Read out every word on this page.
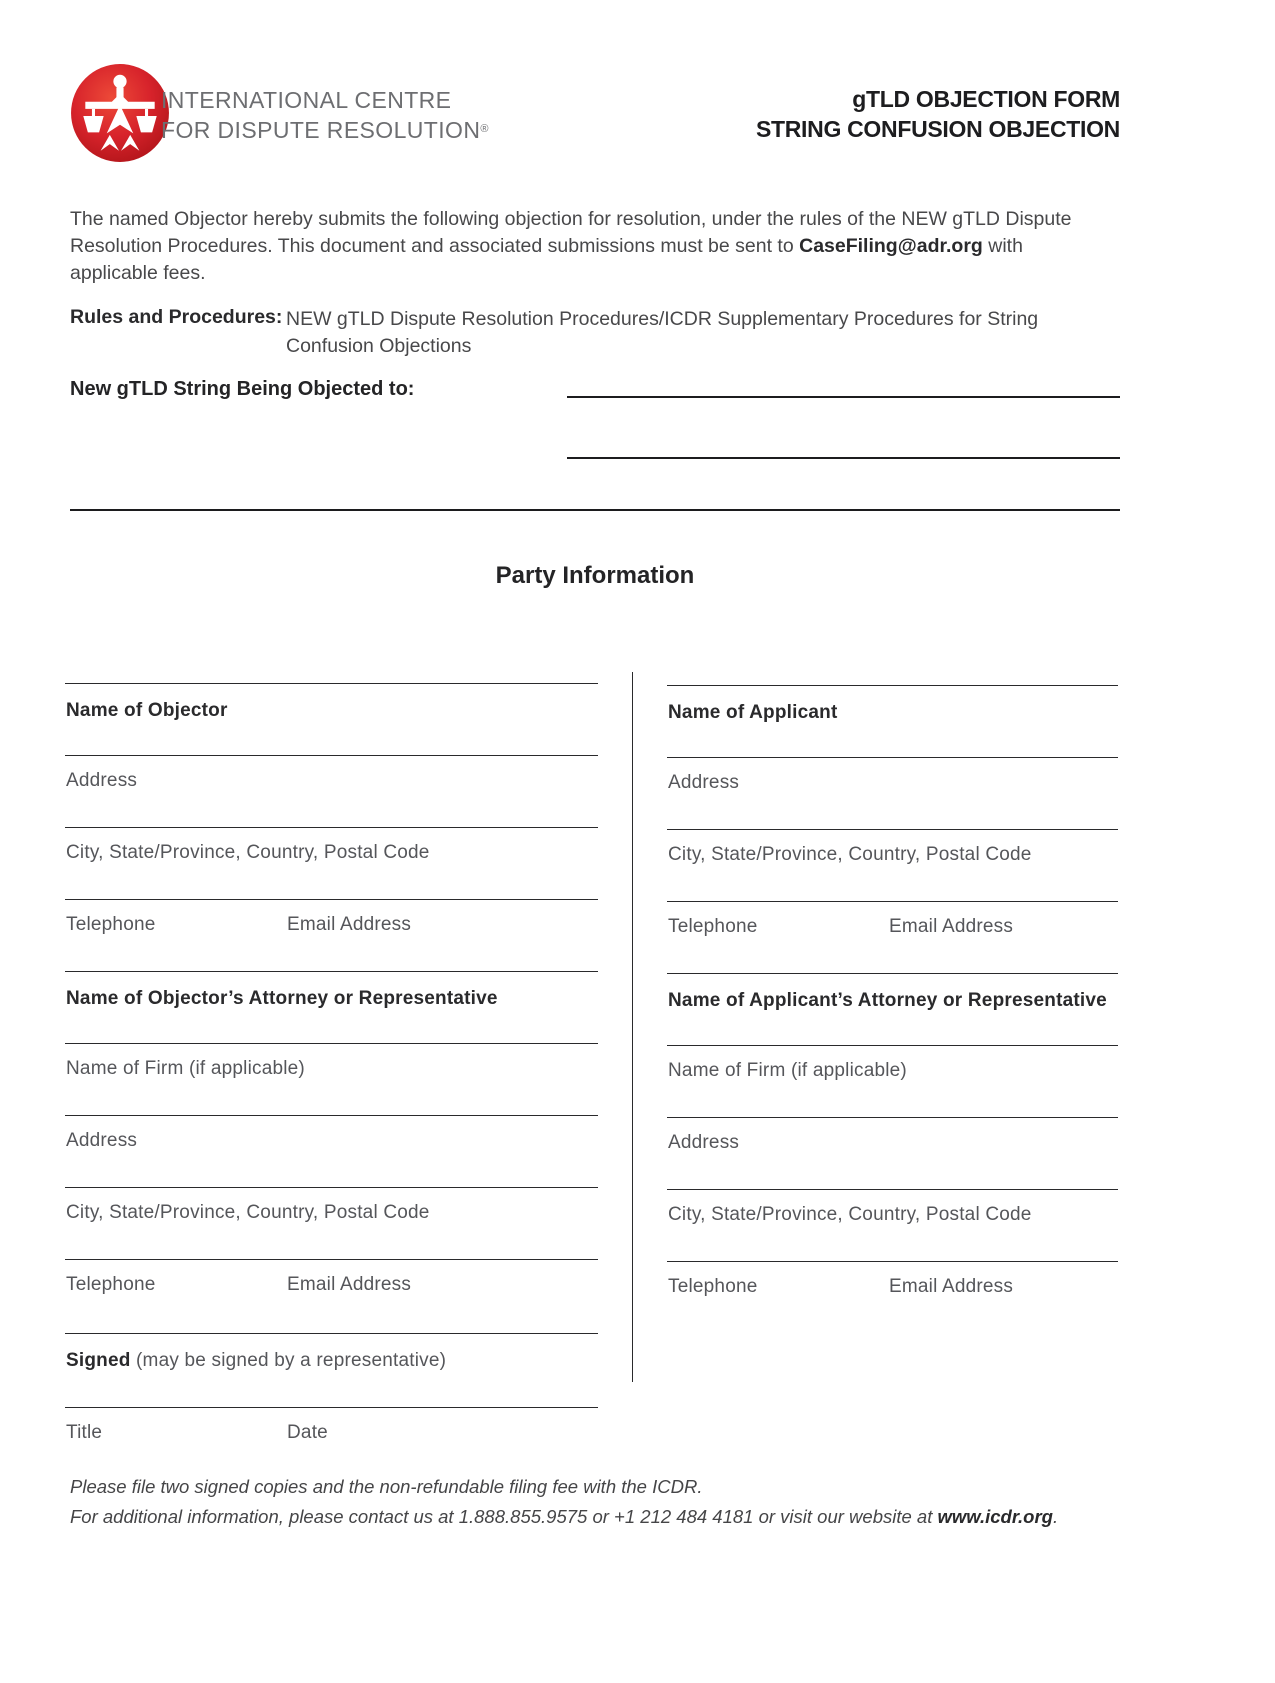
INTERNATIONAL CENTRE
FOR DISPUTE RESOLUTION®
gTLD OBJECTION FORM
STRING CONFUSION OBJECTION

The named Objector hereby submits the following objection for resolution, under the rules of the NEW gTLD Dispute Resolution Procedures. This document and associated submissions must be sent to CaseFiling@adr.org with applicable fees.

Rules and Procedures: NEW gTLD Dispute Resolution Procedures/ICDR Supplementary Procedures for String Confusion Objections
New gTLD String Being Objected to:
Party Information
Name of Objector
Address
City, State/Province, Country, Postal Code
Telephone	Email Address
Name of Objector’s Attorney or Representative
Name of Firm (if applicable)
Address
City, State/Province, Country, Postal Code
Telephone	Email Address
Signed (may be signed by a representative)
Title	Date
Name of Applicant
Address
City, State/Province, Country, Postal Code
Telephone	Email Address
Name of Applicant’s Attorney or Representative
Name of Firm (if applicable)
Address
City, State/Province, Country, Postal Code
Telephone	Email Address
Please file two signed copies and the non-refundable filing fee with the ICDR.
For additional information, please contact us at 1.888.855.9575 or +1 212 484 4181 or visit our website at www.icdr.org.
